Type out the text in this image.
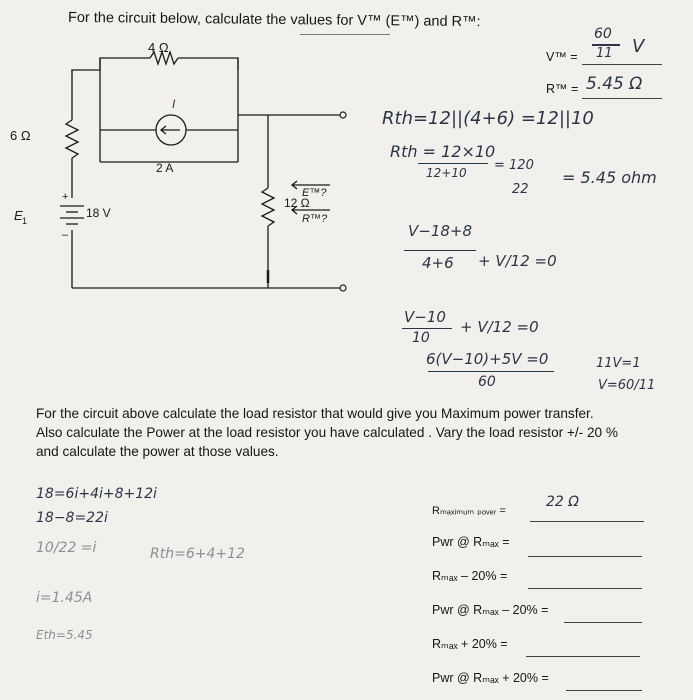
For the circuit below, calculate the values for V™ (E™) and R™:
V™ =
60
11 V
R™ = 5.45 Ω
4 Ω
6 Ω
12 Ω
2 A
I
18 V
E 1
+
–
E™?
R™?
Rth=12||(4+6) =12||10
Rth = 12×10
12+10 = 120
22
= 5.45 ohm
V−18+8
4+6 + V/12 =0
V−10
10
+ V/12 =0
6(V−10)+5V =0
60
11V=1
V=60/11
For the circuit above calculate the load resistor that would give you Maximum power transfer.
Also calculate the Power at the load resistor you have calculated . Vary the load resistor +/- 20 %
and calculate the power at those values.
18=6i+4i+8+12i
18−8=22i
10/22 =i	Rth=6+4+12
i=1.45A
Eth=5.45
Rₘₐₓᵢₘᵤₘ ₚₒᵥₑᵣ =
22 Ω
Pwr @ Rₘₐₓ =
Rₘₐₓ – 20% =
Pwr @ Rₘₐₓ – 20% =
Rₘₐₓ + 20% =
Pwr @ Rₘₐₓ + 20% =
